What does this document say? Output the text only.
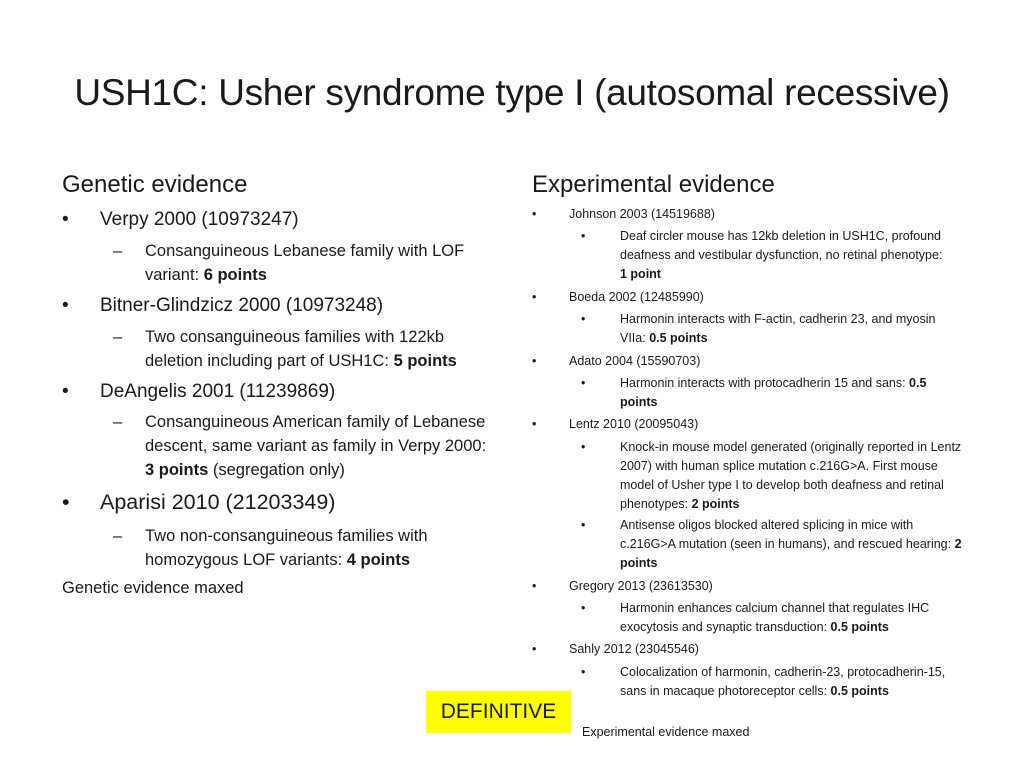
USH1C: Usher syndrome type I (autosomal recessive)
Genetic evidence
• Verpy 2000 (10973247)
– Consanguineous Lebanese family with LOF variant: 6 points
• Bitner-Glindzicz 2000 (10973248)
– Two consanguineous families with 122kb deletion including part of USH1C: 5 points
• DeAngelis 2001 (11239869)
– Consanguineous American family of Lebanese descent, same variant as family in Verpy 2000: 3 points (segregation only)
• Aparisi 2010 (21203349)
– Two non-consanguineous families with homozygous LOF variants: 4 points
Genetic evidence maxed
Experimental evidence
•	Johnson 2003 (14519688)
•	Deaf circler mouse has 12kb deletion in USH1C, profound deafness and vestibular dysfunction, no retinal phenotype: 1 point
•	Boeda 2002 (12485990)
•	Harmonin interacts with F-actin, cadherin 23, and myosin VIIa: 0.5 points
•	Adato 2004 (15590703)
•	Harmonin interacts with protocadherin 15 and sans: 0.5 points
•	Lentz 2010 (20095043)
•	Knock-in mouse model generated (originally reported in Lentz 2007) with human splice mutation c.216G>A. First mouse model of Usher type I to develop both deafness and retinal phenotypes: 2 points
•	Antisense oligos blocked altered splicing in mice with c.216G>A mutation (seen in humans), and rescued hearing: 2 points
•	Gregory 2013 (23613530)
•	Harmonin enhances calcium channel that regulates IHC exocytosis and synaptic transduction: 0.5 points
•	Sahly 2012 (23045546)
•	Colocalization of harmonin, cadherin-23, protocadherin-15, sans in macaque photoreceptor cells: 0.5 points
Experimental evidence maxed
DEFINITIVE
